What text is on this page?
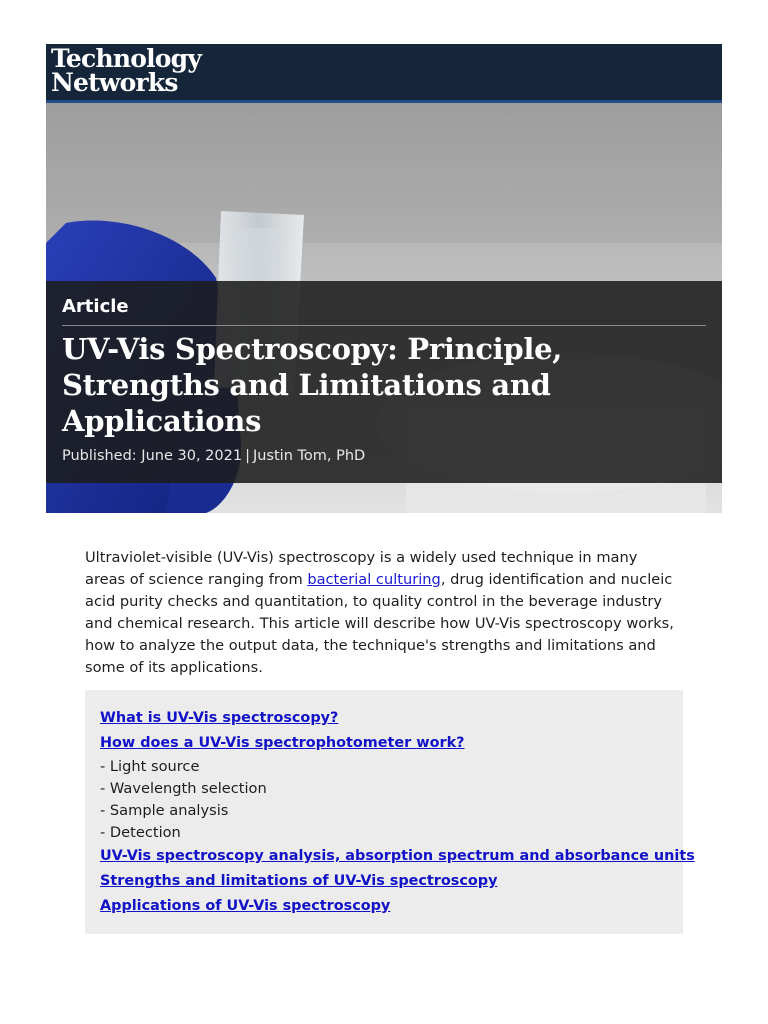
Technology
Networks
Article
UV-Vis Spectroscopy: Principle, Strengths and Limitations and Applications
Published: June 30, 2021 | Justin Tom, PhD

Ultraviolet-visible (UV-Vis) spectroscopy is a widely used technique in many areas of science ranging from bacterial culturing, drug identification and nucleic acid purity checks and quantitation, to quality control in the beverage industry and chemical research. This article will describe how UV-Vis spectroscopy works, how to analyze the output data, the technique's strengths and limitations and some of its applications.

What is UV-Vis spectroscopy?
How does a UV-Vis spectrophotometer work?
- Light source
- Wavelength selection
- Sample analysis
- Detection
UV-Vis spectroscopy analysis, absorption spectrum and absorbance units
Strengths and limitations of UV-Vis spectroscopy
Applications of UV-Vis spectroscopy
